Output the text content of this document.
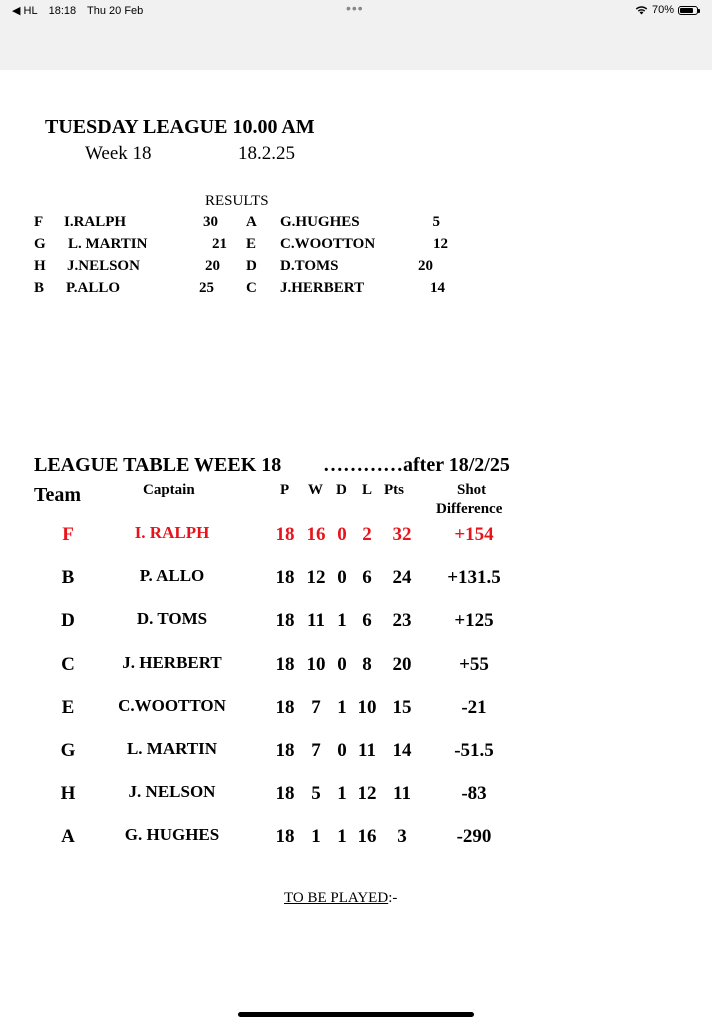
◀ HL 18:18 Thu 20 Feb	•••	70%
TUESDAY LEAGUE 10.00 AM
Week 18	18.2.25
RESULTS
F I.RALPH	30 A G.HUGHES	5
G L. MARTIN	21 E C.WOOTTON	12
H J.NELSON	20 D D.TOMS	20
B P.ALLO	25 C J.HERBERT	14
LEAGUE TABLE WEEK 18 …………after 18/2/25
Team	Captain	P W D L Pts	Shot
Difference
F	I. RALPH	18 16 0 2 32 +154
B	P. ALLO	18 12 0 6 24 +131.5
D	D. TOMS	18 11 1 6 23 +125
C	J. HERBERT	18 10 0 8 20	+55
E	C.WOOTTON	18 7 1 10 15	-21
G	L. MARTIN	18 7 0 11 14 -51.5
H	J. NELSON	18 5 1 12 11	-83
A	G. HUGHES	18 1 1 16 3	-290
TO BE PLAYED:-
